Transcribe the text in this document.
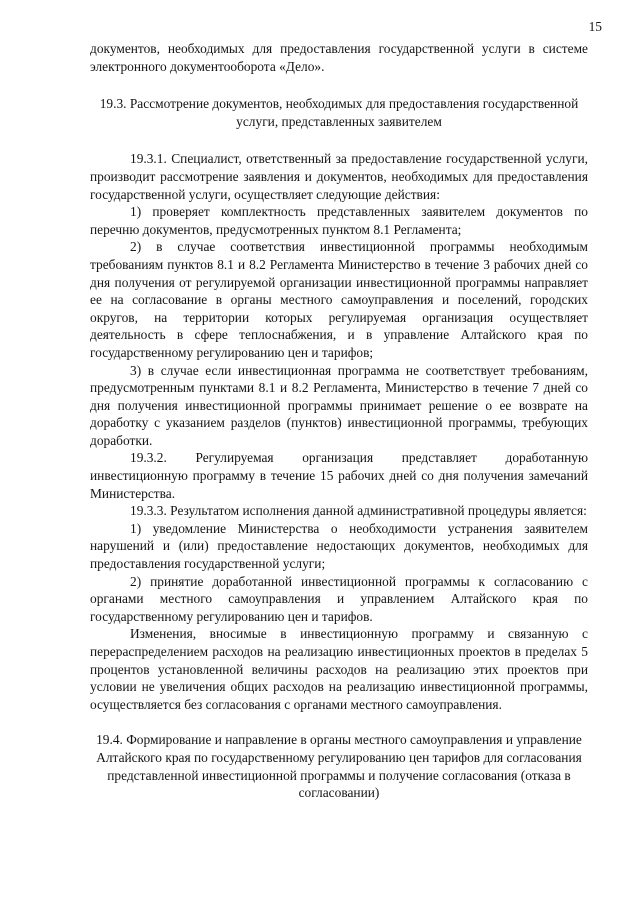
15

документов, необходимых для предоставления государственной услуги в системе электронного документооборота «Дело».

19.3. Рассмотрение документов, необходимых для предоставления государственной услуги, представленных заявителем

19.3.1. Специалист, ответственный за предоставление государственной услуги, производит рассмотрение заявления и документов, необходимых для предоставления государственной услуги, осуществляет следующие действия:

1) проверяет комплектность представленных заявителем документов по перечню документов, предусмотренных пунктом 8.1 Регламента;

2) в случае соответствия инвестиционной программы необходимым требованиям пунктов 8.1 и 8.2 Регламента Министерство в течение 3 рабочих дней со дня получения от регулируемой организации инвестиционной программы направляет ее на согласование в органы местного самоуправления и поселений, городских округов, на территории которых регулируемая организация осуществляет деятельность в сфере теплоснабжения, и в управление Алтайского края по государственному регулированию цен и тарифов;

3) в случае если инвестиционная программа не соответствует требованиям, предусмотренным пунктами 8.1 и 8.2 Регламента, Министерство в течение 7 дней со дня получения инвестиционной программы принимает решение о ее возврате на доработку с указанием разделов (пунктов) инвестиционной программы, требующих доработки.

19.3.2. Регулируемая организация представляет доработанную инвестиционную программу в течение 15 рабочих дней со дня получения замечаний Министерства.

19.3.3. Результатом исполнения данной административной процедуры является:

1) уведомление Министерства о необходимости устранения заявителем нарушений и (или) предоставление недостающих документов, необходимых для предоставления государственной услуги;

2) принятие доработанной инвестиционной программы к согласованию с органами местного самоуправления и управлением Алтайского края по государственному регулированию цен и тарифов.

Изменения, вносимые в инвестиционную программу и связанную с перераспределением расходов на реализацию инвестиционных проектов в пределах 5 процентов установленной величины расходов на реализацию этих проектов при условии не увеличения общих расходов на реализацию инвестиционной программы, осуществляется без согласования с органами местного самоуправления.

19.4. Формирование и направление в органы местного самоуправления и управление Алтайского края по государственному регулированию цен тарифов для согласования представленной инвестиционной программы и получение согласования (отказа в согласовании)
